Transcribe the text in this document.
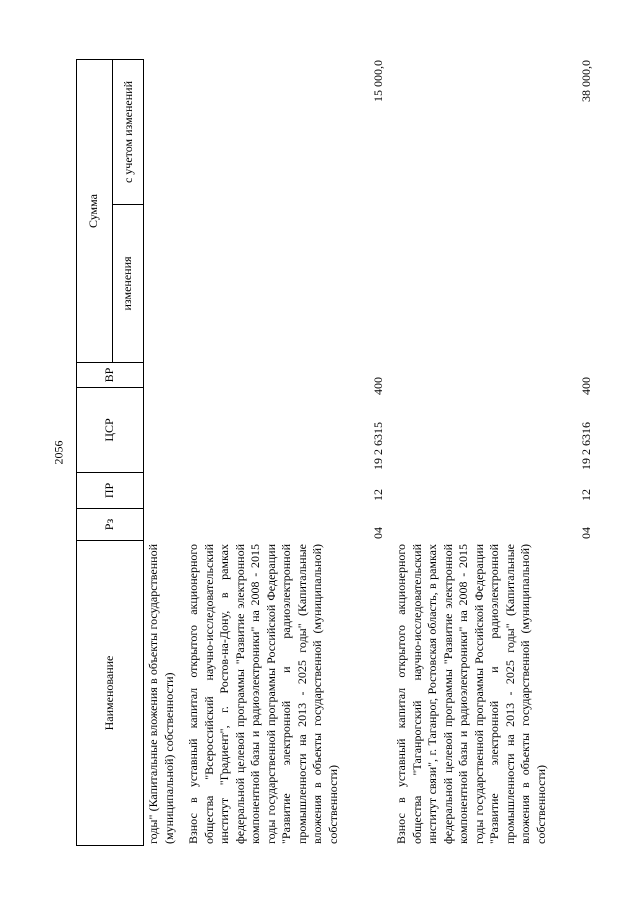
2056
Наименование
Рз
ПР
ЦСР
ВР
Сумма
изменения
с учетом изменений
годы" (Капитальные вложения в объекты государственной (муниципальной) собственности) Взнос в уставный капитал открытого акционерного общества "Всероссийский научно-исследовательский институт "Градиент", г. Ростов-на-Дону, в рамках федеральной целевой программы "Развитие электронной компонентной базы и радиоэлектроники" на 2008 - 2015 годы государственной программы Российской Федерации "Развитие электронной и радиоэлектронной промышленности на 2013 - 2025 годы" (Капитальные вложения в объекты государственной (муниципальной) собственности)
04
12
19 2 6315
400
15 000,0
Взнос в уставный капитал открытого акционерного общества "Таганрогский научно-исследовательский институт связи", г. Таганрог, Ростовская область, в рамках федеральной целевой программы "Развитие электронной компонентной базы и радиоэлектроники" на 2008 - 2015 годы государственной программы Российской Федерации "Развитие электронной и радиоэлектронной промышленности на 2013 - 2025 годы" (Капитальные вложения в объекты государственной (муниципальной) собственности)
04
12
19 2 6316
400
38 000,0
